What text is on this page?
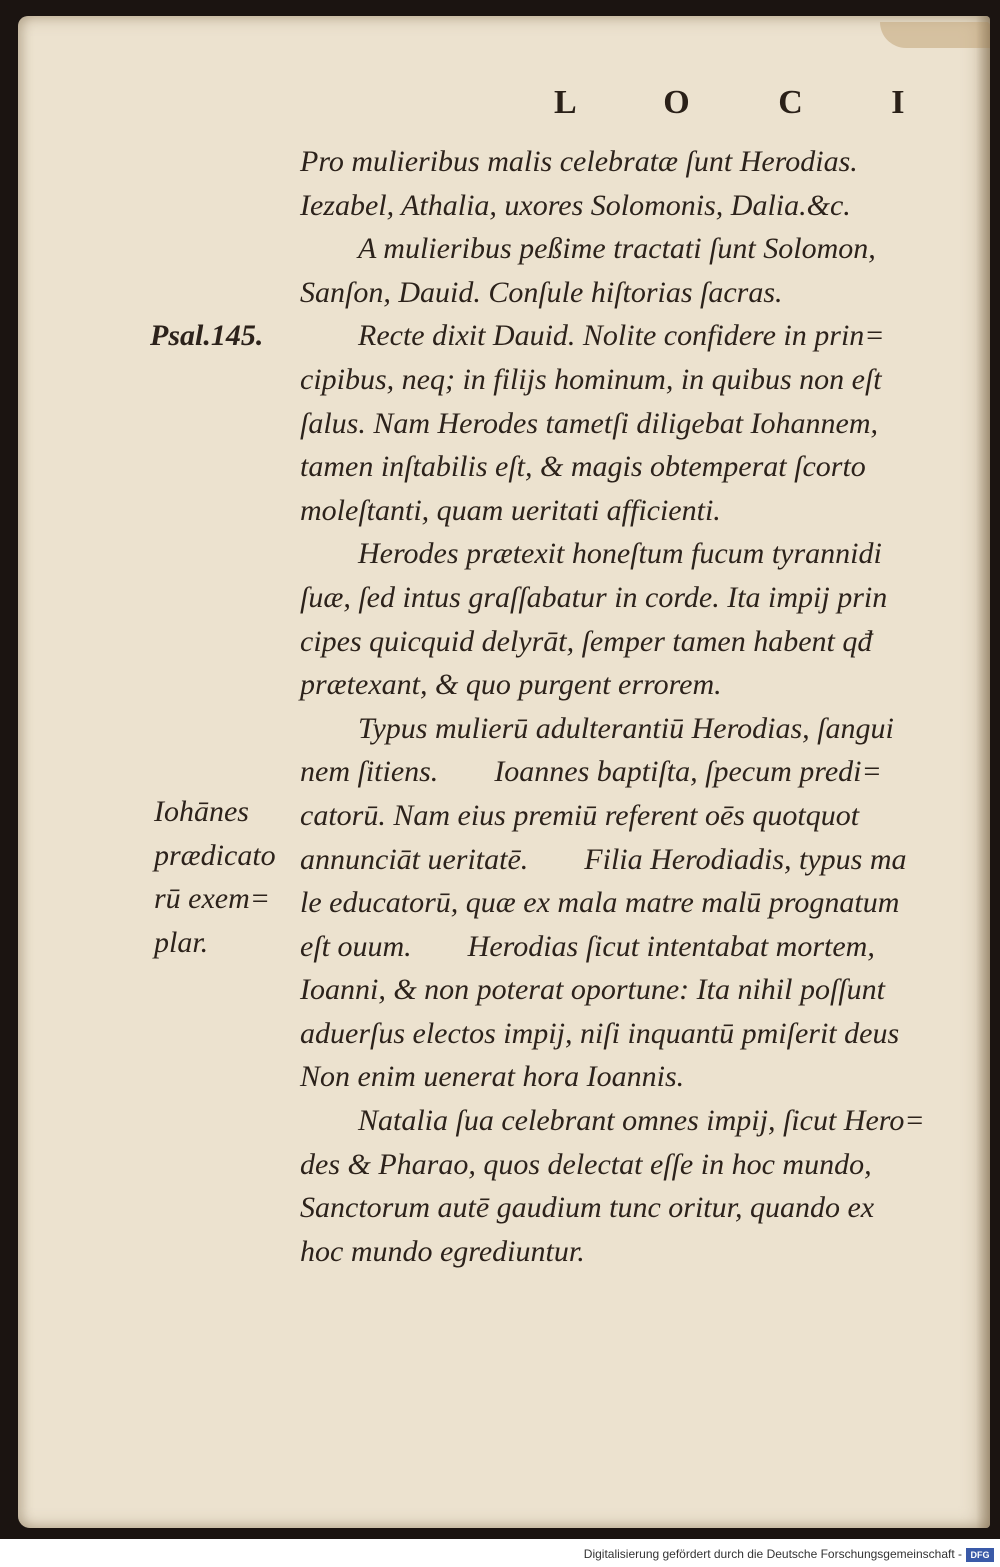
L O C I
Psal.145.
Iohānes
prædicato
rū exem=
plar.
Pro mulieribus malis celebratæ ſunt Herodias.
Iezabel, Athalia, uxores Solomonis, Dalia.&c.
A mulieribus peßime tractati ſunt Solomon,
Sanſon, Dauid. Conſule hiſtorias ſacras.
Recte dixit Dauid. Nolite confidere in prin=
cipibus, neq; in filijs hominum, in quibus non eſt
ſalus. Nam Herodes tametſi diligebat Iohannem,
tamen inſtabilis eſt, & magis obtemperat ſcorto
moleſtanti, quam ueritati afficienti.
Herodes prætexit honeſtum fucum tyrannidi
ſuæ, ſed intus graſſabatur in corde. Ita impij prin
cipes quicquid delyrāt, ſemper tamen habent qđ
prætexant, & quo purgent errorem.
Typus mulierū adulterantiū Herodias, ſangui
nem ſitiens. Ioannes baptiſta, ſpecum predi=
catorū. Nam eius premiū referent oēs quotquot
annunciāt ueritatē. Filia Herodiadis, typus ma
le educatorū, quæ ex mala matre malū prognatum
eſt ouum. Herodias ſicut intentabat mortem,
Ioanni, & non poterat oportune: Ita nihil poſſunt
aduerſus electos impij, niſi inquantū pmiſerit deus
Non enim uenerat hora Ioannis.
Natalia ſua celebrant omnes impij, ſicut Hero=
des & Pharao, quos delectat eſſe in hoc mundo,
Sanctorum autē gaudium tunc oritur, quando ex
hoc mundo egrediuntur.
Digitalisierung gefördert durch die Deutsche Forschungsgemeinschaft - DFG
